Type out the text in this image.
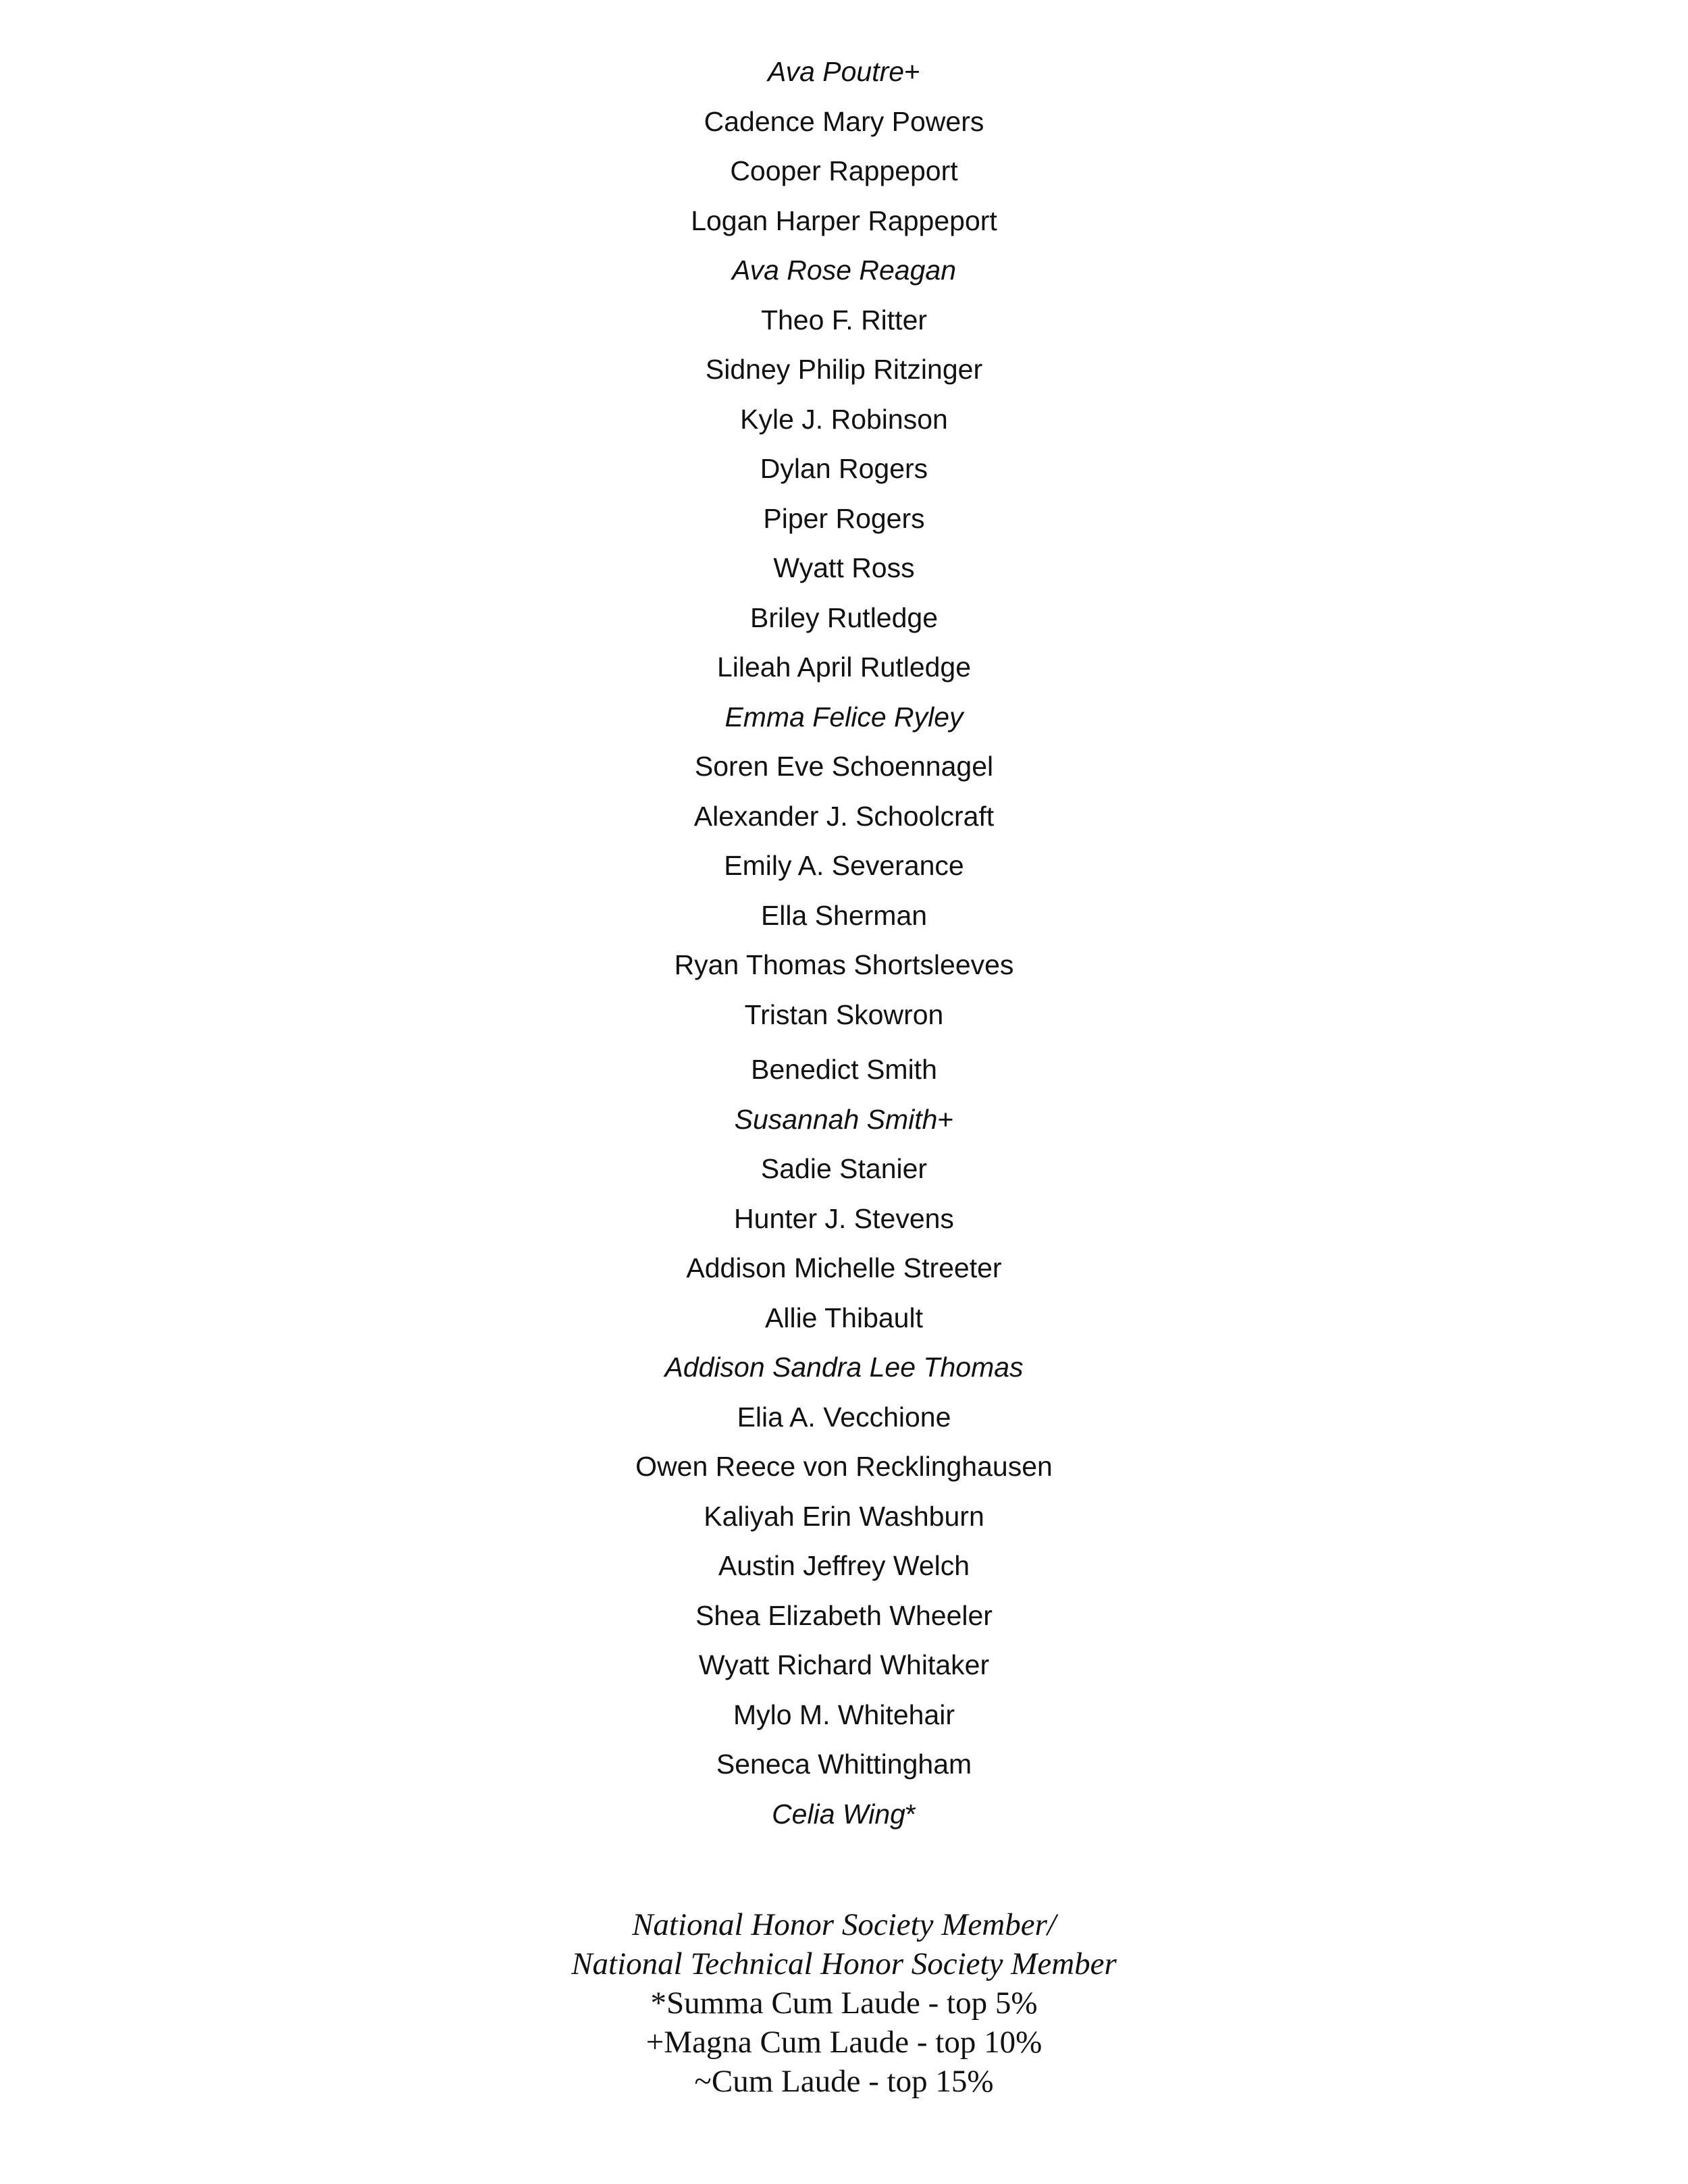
Ava Poutre+
Cadence Mary Powers
Cooper Rappeport
Logan Harper Rappeport
Ava Rose Reagan
Theo F. Ritter
Sidney Philip Ritzinger
Kyle J. Robinson
Dylan Rogers
Piper Rogers
Wyatt Ross
Briley Rutledge
Lileah April Rutledge
Emma Felice Ryley
Soren Eve Schoennagel
Alexander J. Schoolcraft
Emily A. Severance
Ella Sherman
Ryan Thomas Shortsleeves
Tristan Skowron
Benedict Smith
Susannah Smith+
Sadie Stanier
Hunter J. Stevens
Addison Michelle Streeter
Allie Thibault
Addison Sandra Lee Thomas
Elia A. Vecchione
Owen Reece von Recklinghausen
Kaliyah Erin Washburn
Austin Jeffrey Welch
Shea Elizabeth Wheeler
Wyatt Richard Whitaker
Mylo M. Whitehair
Seneca Whittingham
Celia Wing*
National Honor Society Member/
National Technical Honor Society Member
*Summa Cum Laude - top 5%
+Magna Cum Laude - top 10%
~Cum Laude - top 15%
